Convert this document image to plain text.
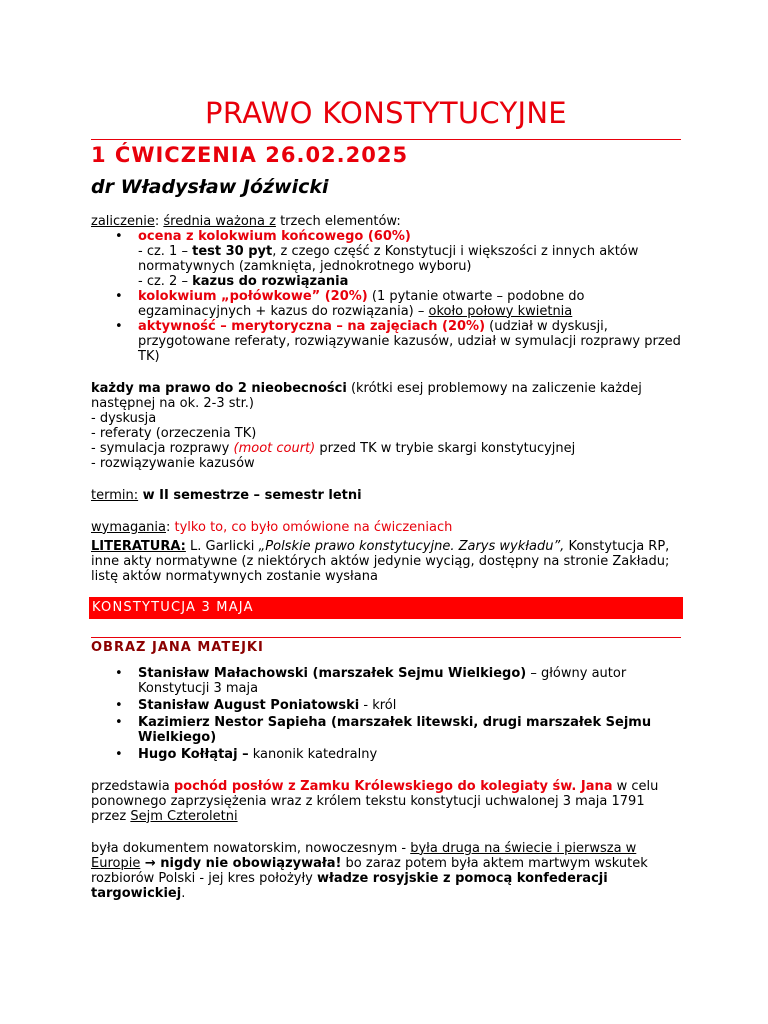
PRAWO KONSTYTUCYJNE
1 ĆWICZENIA 26.02.2025
dr Władysław Jóźwicki

zaliczenie: średnia ważona z trzech elementów:

• ocena z kolokwium końcowego (60%)
- cz. 1 – test 30 pyt, z czego część z Konstytucji i większości z innych aktów normatywnych (zamknięta, jednokrotnego wyboru)
- cz. 2 – kazus do rozwiązania
• kolokwium „połówkowe” (20%) (1 pytanie otwarte – podobne do egzaminacyjnych + kazus do rozwiązania) – około połowy kwietnia
• aktywność – merytoryczna – na zajęciach (20%) (udział w dyskusji, przygotowane referaty, rozwiązywanie kazusów, udział w symulacji rozprawy przed TK)

każdy ma prawo do 2 nieobecności (krótki esej problemowy na zaliczenie każdej następnej na ok. 2-3 str.)

- dyskusja

- referaty (orzeczenia TK)

- symulacja rozprawy (moot court) przed TK w trybie skargi konstytucyjnej

- rozwiązywanie kazusów

termin: w II semestrze – semestr letni

wymagania: tylko to, co było omówione na ćwiczeniach

LITERATURA: L. Garlicki „Polskie prawo konstytucyjne. Zarys wykładu”, Konstytucja RP, inne akty normatywne (z niektórych aktów jedynie wyciąg, dostępny na stronie Zakładu; listę aktów normatywnych zostanie wysłana

KONSTYTUCJA 3 MAJA
OBRAZ JANA MATEJKI
• Stanisław Małachowski (marszałek Sejmu Wielkiego) – główny autor Konstytucji 3 maja
• Stanisław August Poniatowski - król
• Kazimierz Nestor Sapieha (marszałek litewski, drugi marszałek Sejmu Wielkiego)
• Hugo Kołłątaj – kanonik katedralny

przedstawia pochód posłów z Zamku Królewskiego do kolegiaty św. Jana w celu ponownego zaprzysiężenia wraz z królem tekstu konstytucji uchwalonej 3 maja 1791 przez Sejm Czteroletni

była dokumentem nowatorskim, nowoczesnym - była druga na świecie i pierwsza w Europie → nigdy nie obowiązywała! bo zaraz potem była aktem martwym wskutek rozbiorów Polski - jej kres położyły władze rosyjskie z pomocą konfederacji targowickiej.
